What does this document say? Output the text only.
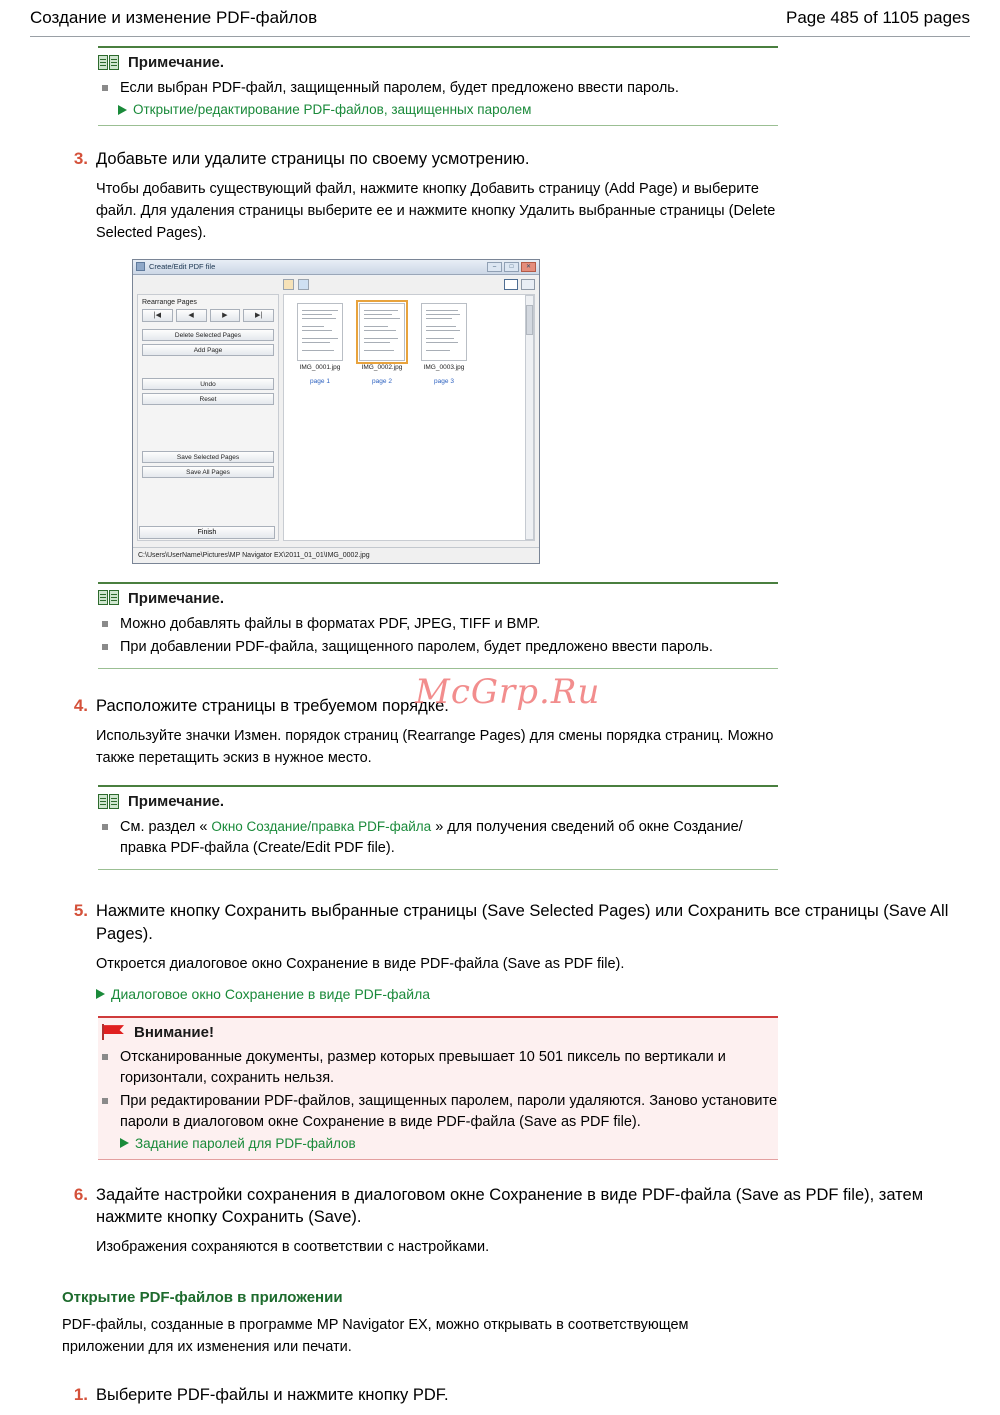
Создание и изменение PDF-файлов	Page 485 of 1105 pages
Примечание.
Если выбран PDF-файл, защищенный паролем, будет предложено ввести пароль.
Открытие/редактирование PDF-файлов, защищенных паролем
3. Добавьте или удалите страницы по своему усмотрению.
Чтобы добавить существующий файл, нажмите кнопку Добавить страницу (Add Page) и выберите файл. Для удаления страницы выберите ее и нажмите кнопку Удалить выбранные страницы (Delete Selected Pages).
Create/Edit PDF file	–	□	✕
Rearrange Pages
|◀	◀	▶	▶|
Delete Selected Pages
Add Page
Undo
Reset
Save Selected Pages
Save All Pages
IMG_0001.jpg
page 1
IMG_0002.jpg
page 2
IMG_0003.jpg
page 3
Finish
C:\Users\UserName\Pictures\MP Navigator EX\2011_01_01\IMG_0002.jpg
Примечание.
Можно добавлять файлы в форматах PDF, JPEG, TIFF и BMP.
При добавлении PDF-файла, защищенного паролем, будет предложено ввести пароль.
4. Расположите страницы в требуемом порядке.
Используйте значки Измен. порядок страниц (Rearrange Pages) для смены порядка страниц. Можно также перетащить эскиз в нужное место.
Примечание.
См. раздел « Окно Создание/правка PDF-файла » для получения сведений об окне Создание/правка PDF-файла (Create/Edit PDF file).
5. Нажмите кнопку Сохранить выбранные страницы (Save Selected Pages) или Сохранить все страницы (Save All Pages).
Откроется диалоговое окно Сохранение в виде PDF-файла (Save as PDF file).
Диалоговое окно Сохранение в виде PDF-файла
Внимание!
Отсканированные документы, размер которых превышает 10 501 пиксель по вертикали и горизонтали, сохранить нельзя.
При редактировании PDF-файлов, защищенных паролем, пароли удаляются. Заново установите пароли в диалоговом окне Сохранение в виде PDF-файла (Save as PDF file).
Задание паролей для PDF-файлов
6. Задайте настройки сохранения в диалоговом окне Сохранение в виде PDF-файла (Save as PDF file), затем нажмите кнопку Сохранить (Save).
Изображения сохраняются в соответствии с настройками.
Открытие PDF-файлов в приложении
PDF-файлы, созданные в программе MP Navigator EX, можно открывать в соответствующем приложении для их изменения или печати.
1. Выберите PDF-файлы и нажмите кнопку PDF.
McGrp.Ru
